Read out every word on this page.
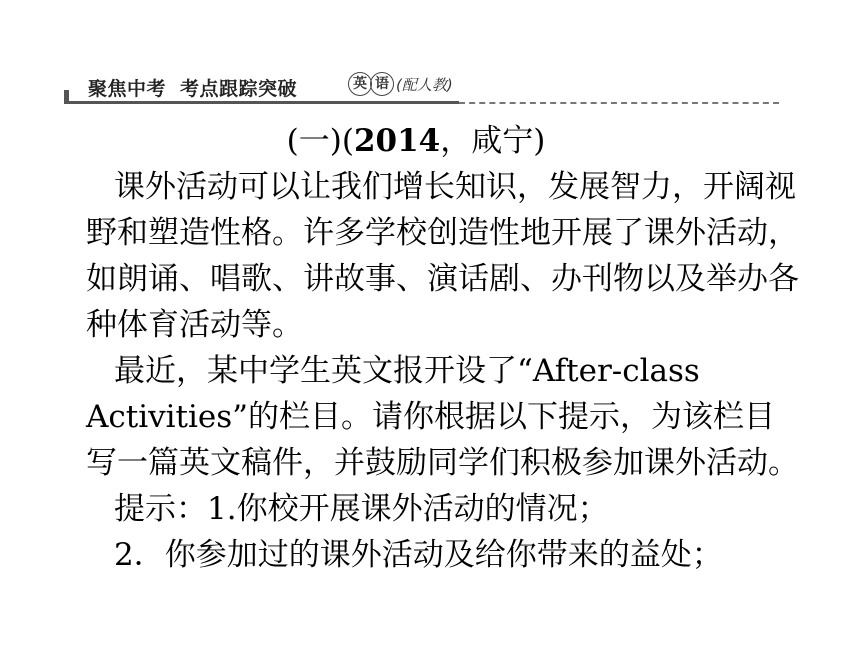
聚焦中考 考点跟踪突破	英 语 (配人教)

(一)(2014，咸宁)

课外活动可以让我们增长知识，发展智力，开阔视野和塑造性格。许多学校创造性地开展了课外活动，如朗诵、唱歌、讲故事、演话剧、办刊物以及举办各种体育活动等。

最近，某中学生英文报开设了“After-class Activities”的栏目。请你根据以下提示，为该栏目写一篇英文稿件，并鼓励同学们积极参加课外活动。

提示：1.你校开展课外活动的情况；

2．你参加过的课外活动及给你带来的益处；
